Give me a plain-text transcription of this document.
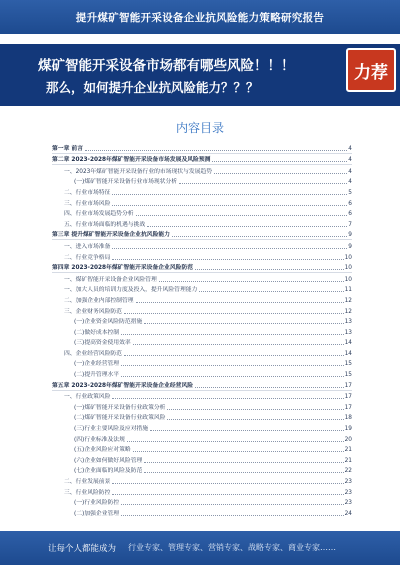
提升煤矿智能开采设备企业抗风险能力策略研究报告
煤矿智能开采设备市场都有哪些风险！！！
那么，如何提升企业抗风险能力？？？
力荐
内容目录
第一章 前言	4
第二章 2023-2028年煤矿智能开采设备市场发展及风险预测	4
一、2023年煤矿智能开采设备行业的市场现状与发展趋势	4
(一)煤矿智能开采设备行业市场现状分析	4
二、行业市场特征	5
三、行业市场风险	6
四、行业市场发展趋势分析	6
五、行业市场面临的机遇与挑战	7
第三章 提升煤矿智能开采设备企业抗风险能力	9
一、进入市场准备	9
二、行业竞争格局	10
第四章 2023-2028年煤矿智能开采设备企业风险防范	10
一、煤矿智能开采设备企业风险管理	10
一、加大人员的培训力度及投入，提升风险管理能力	11
二、加强企业内部控制管理	12
三、企业财务风险防范	12
(一)企业资金风险防范措施	13
(二)做好成本控制	13
(三)提高资金使用效率	14
四、企业经营风险防范	14
(一)企业经营管理	15
(二)提升管理水平	15
第五章 2023-2028年煤矿智能开采设备企业经营风险	17
一、行业政策风险	17
(一)煤矿智能开采设备行业政策分析	17
(二)煤矿智能开采设备行业政策风险	18
(三)行业主要风险及应对措施	19
(四)行业标准及法规	20
(五)企业风险应对策略	21
(六)企业如何做好风险管理	21
(七)企业面临的风险及防范	22
二、行业发展前景	23
三、行业风险防控	23
(一)行业风险防控	23
(二)加强企业管理	24
让每个人都能成为 行业专家、管理专家、营销专家、战略专家、商业专家……
